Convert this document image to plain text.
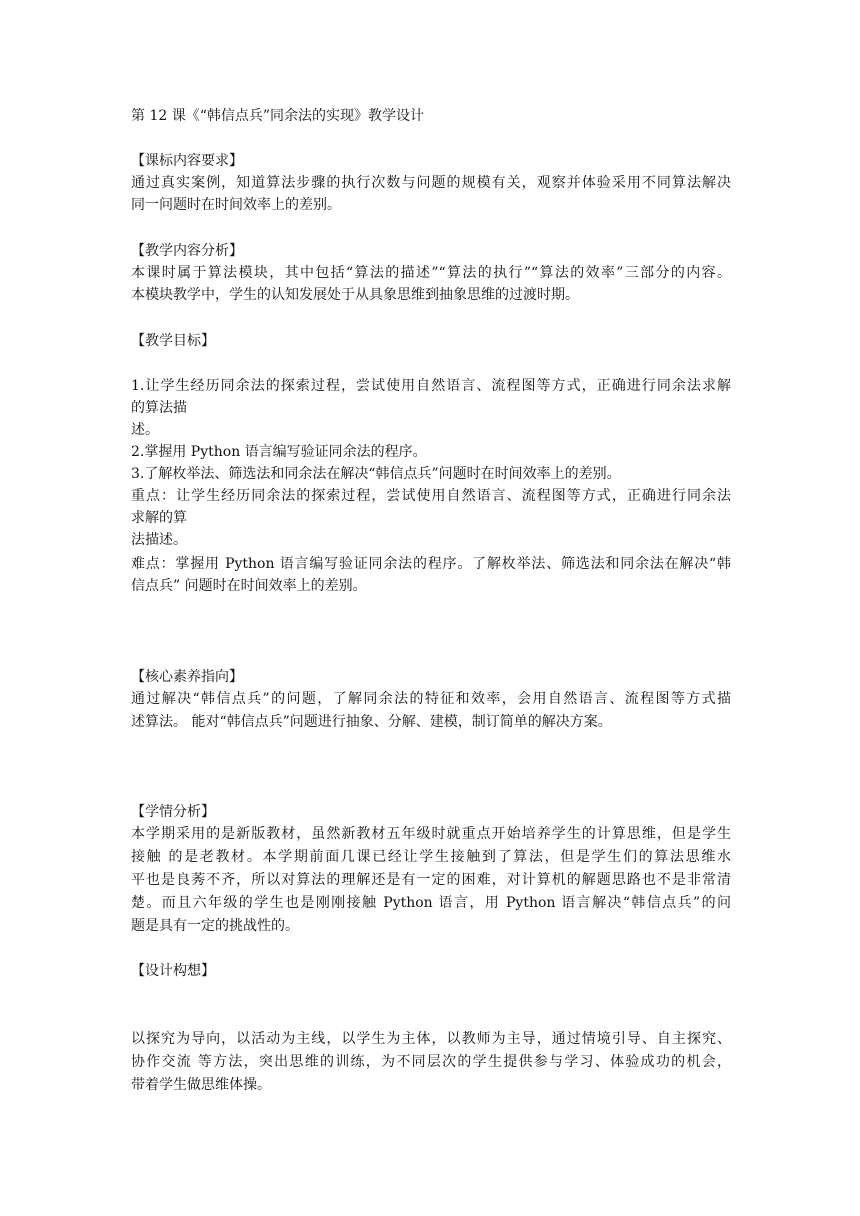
第 12 课《“韩信点兵”同余法的实现》教学设计
【课标内容要求】
通过真实案例，知道算法步骤的执行次数与问题的规模有关，观察并体验采用不同算法解决
同一问题时在时间效率上的差别。
【教学内容分析】
本课时属于算法模块，其中包括“算法的描述”“算法的执行”“算法的效率”三部分的内容。
本模块教学中，学生的认知发展处于从具象思维到抽象思维的过渡时期。
【教学目标】
1.让学生经历同余法的探索过程，尝试使用自然语言、流程图等方式，正确进行同余法求解
的算法描
述。
2.掌握用 Python 语言编写验证同余法的程序。
3.了解枚举法、筛选法和同余法在解决“韩信点兵”问题时在时间效率上的差别。
重点：让学生经历同余法的探索过程，尝试使用自然语言、流程图等方式，正确进行同余法
求解的算
法描述。
难点：掌握用 Python 语言编写验证同余法的程序。了解枚举法、筛选法和同余法在解决“韩
信点兵” 问题时在时间效率上的差别。
【核心素养指向】
通过解决“韩信点兵”的问题，了解同余法的特征和效率，会用自然语言、流程图等方式描
述算法。 能对“韩信点兵”问题进行抽象、分解、建模，制订简单的解决方案。
【学情分析】
本学期采用的是新版教材，虽然新教材五年级时就重点开始培养学生的计算思维，但是学生
接触 的是老教材。本学期前面几课已经让学生接触到了算法，但是学生们的算法思维水
平也是良莠不齐，所以对算法的理解还是有一定的困难，对计算机的解题思路也不是非常清
楚。而且六年级的学生也是刚刚接触 Python 语言，用 Python 语言解决“韩信点兵”的问
题是具有一定的挑战性的。
【设计构想】
以探究为导向，以活动为主线，以学生为主体，以教师为主导，通过情境引导、自主探究、
协作交流 等方法，突出思维的训练，为不同层次的学生提供参与学习、体验成功的机会，
带着学生做思维体操。
